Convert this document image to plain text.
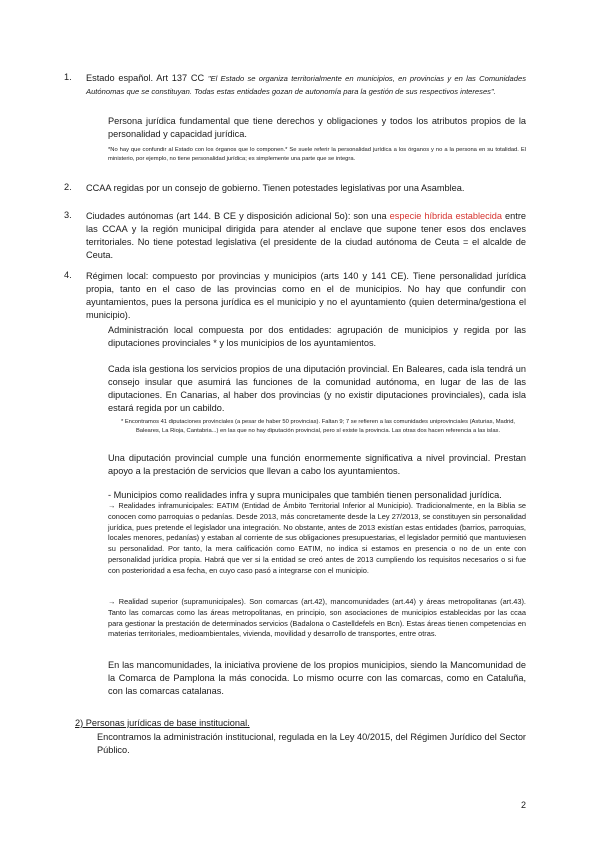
1. Estado español. Art 137 CC "El Estado se organiza territorialmente en municipios, en provincias y en las Comunidades Autónomas que se constituyan. Todas estas entidades gozan de autonomía para la gestión de sus respectivos intereses".

Persona jurídica fundamental que tiene derechos y obligaciones y todos los atributos propios de la personalidad y capacidad jurídica.

*No hay que confundir al Estado con los órganos que lo componen.* Se suele referir la personalidad jurídica a los órganos y no a la persona en su totalidad. El ministerio, por ejemplo, no tiene personalidad jurídica; es simplemente una parte que se integra.
2. CCAA regidas por un consejo de gobierno. Tienen potestades legislativas por una Asamblea.

3. Ciudades autónomas (art 144. B CE y disposición adicional 5o): son una especie híbrida establecida entre las CCAA y la región municipal dirigida para atender al enclave que supone tener esos dos enclaves territoriales. No tiene potestad legislativa (el presidente de la ciudad autónoma de Ceuta = el alcalde de Ceuta.

4. Régimen local: compuesto por provincias y municipios (arts 140 y 141 CE). Tiene personalidad jurídica propia, tanto en el caso de las provincias como en el de municipios. No hay que confundir con ayuntamientos, pues la persona jurídica es el municipio y no el ayuntamiento (quien determina/gestiona el municipio).

Administración local compuesta por dos entidades: agrupación de municipios y regida por las diputaciones provinciales * y los municipios de los ayuntamientos.

Cada isla gestiona los servicios propios de una diputación provincial. En Baleares, cada isla tendrá un consejo insular que asumirá las funciones de la comunidad autónoma, en lugar de las de las diputaciones. En Canarias, al haber dos provincias (y no existir diputaciones provinciales), cada isla estará regida por un cabildo.

* Encontramos 41 diputaciones provinciales (a pesar de haber 50 provincias). Faltan 9; 7 se refieren a las comunidades uniprovinciales (Asturias, Madrid, Baleares, La Rioja, Cantabria...) en las que no hay diputación provincial, pero sí existe la provincia. Las otras dos hacen referencia a las islas.

Una diputación provincial cumple una función enormemente significativa a nivel provincial. Prestan apoyo a la prestación de servicios que llevan a cabo los ayuntamientos.

- Municipios como realidades infra y supra municipales que también tienen personalidad jurídica.

→ Realidades inframunicipales: EATIM (Entidad de Ámbito Territorial Inferior al Municipio). Tradicionalmente, en la Biblia se conocen como parroquias o pedanías. Desde 2013, más concretamente desde la Ley 27/2013, se constituyen sin personalidad jurídica, pues pretende el legislador una integración. No obstante, antes de 2013 existían estas entidades (barrios, parroquias, locales menores, pedanías) y estaban al corriente de sus obligaciones presupuestarias, el legislador permitió que mantuviesen su personalidad. Por tanto, la mera calificación como EATIM, no indica si estamos en presencia o no de un ente con personalidad jurídica propia. Habrá que ver si la entidad se creó antes de 2013 cumpliendo los requisitos necesarios o si fue con posterioridad a esa fecha, en cuyo caso pasó a integrarse con el municipio.

→ Realidad superior (supramunicipales). Son comarcas (art.42), mancomunidades (art.44) y áreas metropolitanas (art.43). Tanto las comarcas como las áreas metropolitanas, en principio, son asociaciones de municipios establecidas por las ccaa para gestionar la prestación de determinados servicios (Badalona o Castelldefels en Bcn). Estas áreas tienen competencias en materias territoriales, medioambientales, vivienda, movilidad y desarrollo de transportes, entre otras.

En las mancomunidades, la iniciativa proviene de los propios municipios, siendo la Mancomunidad de la Comarca de Pamplona la más conocida. Lo mismo ocurre con las comarcas, como en Cataluña, con las comarcas catalanas.

2) Personas jurídicas de base institucional.

Encontramos la administración institucional, regulada en la Ley 40/2015, del Régimen Jurídico del Sector Público.

2
